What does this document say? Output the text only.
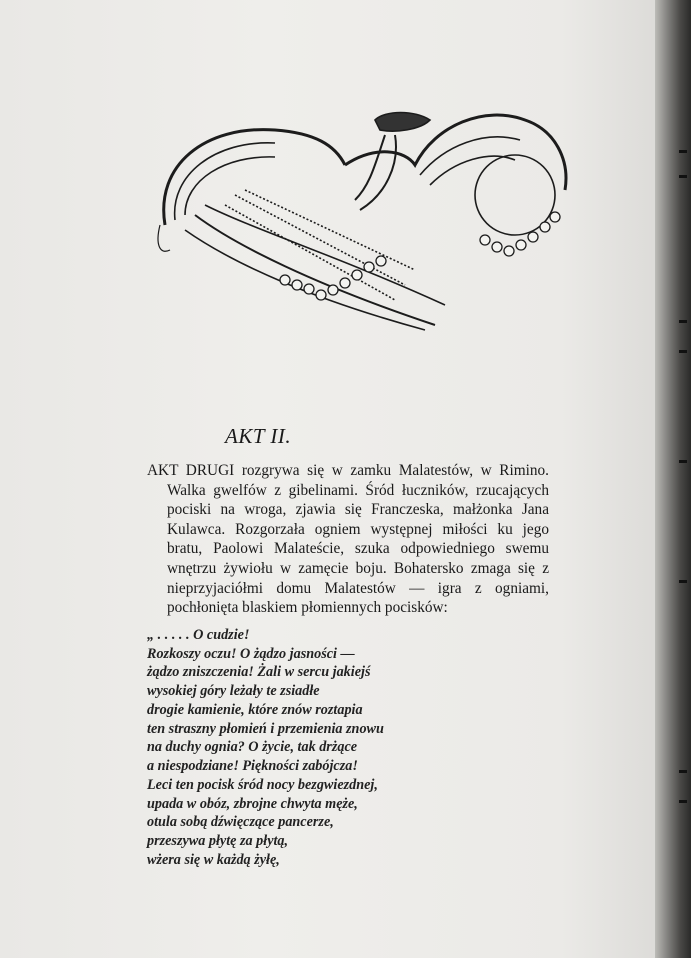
AKT II.
AKT DRUGI rozgrywa się w zamku Malatestów, w Rimino. Walka gwelfów z gibelinami. Śród łuczników, rzucających pociski na wroga, zjawia się Franczeska, małżonka Jana Kulawca. Rozgorzała ogniem występnej miłości ku jego bratu, Paolowi Malateście, szuka odpowiedniego swemu wnętrzu żywiołu w zamęcie boju. Bohatersko zmaga się z nieprzyjaciółmi domu Malatestów — igra z ogniami, pochłonięta blaskiem płomiennych pocisków:
„ . . . . . O cudzie!
Rozkoszy oczu! O żądzo jasności —
żądzo zniszczenia! Żali w sercu jakiejś
wysokiej góry leżały te zsiadłe
drogie kamienie, które znów roztapia
ten straszny płomień i przemienia znowu
na duchy ognia? O życie, tak drżące
a niespodziane! Piękności zabójcza!
Leci ten pocisk śród nocy bezgwiezdnej,
upada w obóz, zbrojne chwyta męże,
otula sobą dźwięczące pancerze,
przeszywa płytę za płytą,
wżera się w każdą żyłę,
